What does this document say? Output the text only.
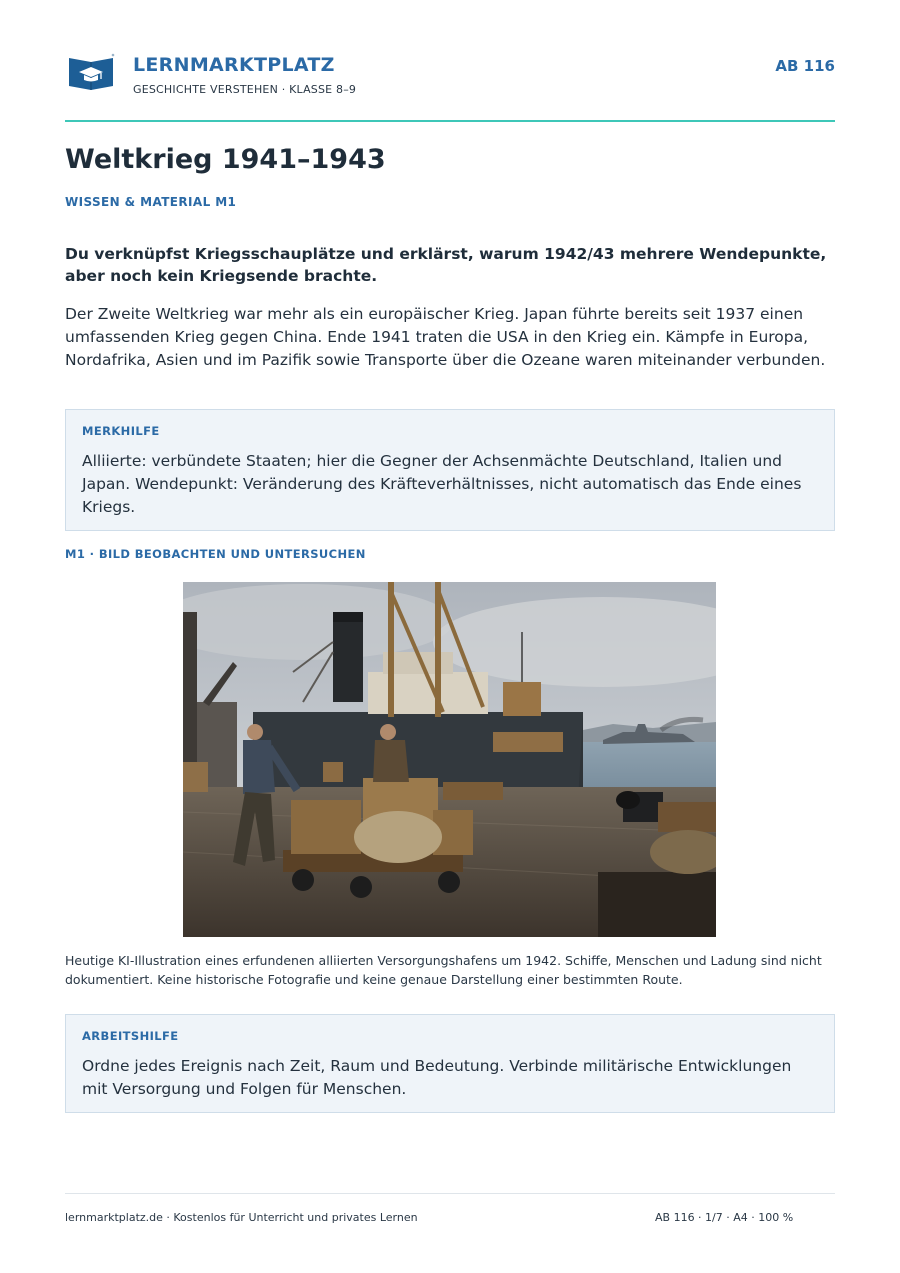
LERNMARKTPLATZ
GESCHICHTE VERSTEHEN · KLASSE 8–9
AB 116
Weltkrieg 1941–1943
WISSEN & MATERIAL M1

Du verknüpfst Kriegsschauplätze und erklärst, warum 1942/43 mehrere Wendepunkte, aber noch kein Kriegsende brachte.

Der Zweite Weltkrieg war mehr als ein europäischer Krieg. Japan führte bereits seit 1937 einen umfassenden Krieg gegen China. Ende 1941 traten die USA in den Krieg ein. Kämpfe in Europa, Nordafrika, Asien und im Pazifik sowie Transporte über die Ozeane waren miteinander verbunden.

MERKHILFE

Alliierte: verbündete Staaten; hier die Gegner der Achsenmächte Deutschland, Italien und Japan. Wendepunkt: Veränderung des Kräfteverhältnisses, nicht automatisch das Ende eines Kriegs.

M1 · BILD BEOBACHTEN UND UNTERSUCHEN

Heutige KI-Illustration eines erfundenen alliierten Versorgungshafens um 1942. Schiffe, Menschen und Ladung sind nicht dokumentiert. Keine historische Fotografie und keine genaue Darstellung einer bestimmten Route.

ARBEITSHILFE

Ordne jedes Ereignis nach Zeit, Raum und Bedeutung. Verbinde militärische Entwicklungen mit Versorgung und Folgen für Menschen.

lernmarktplatz.de · Kostenlos für Unterricht und privates Lernen	AB 116 · 1/7 · A4 · 100 %
